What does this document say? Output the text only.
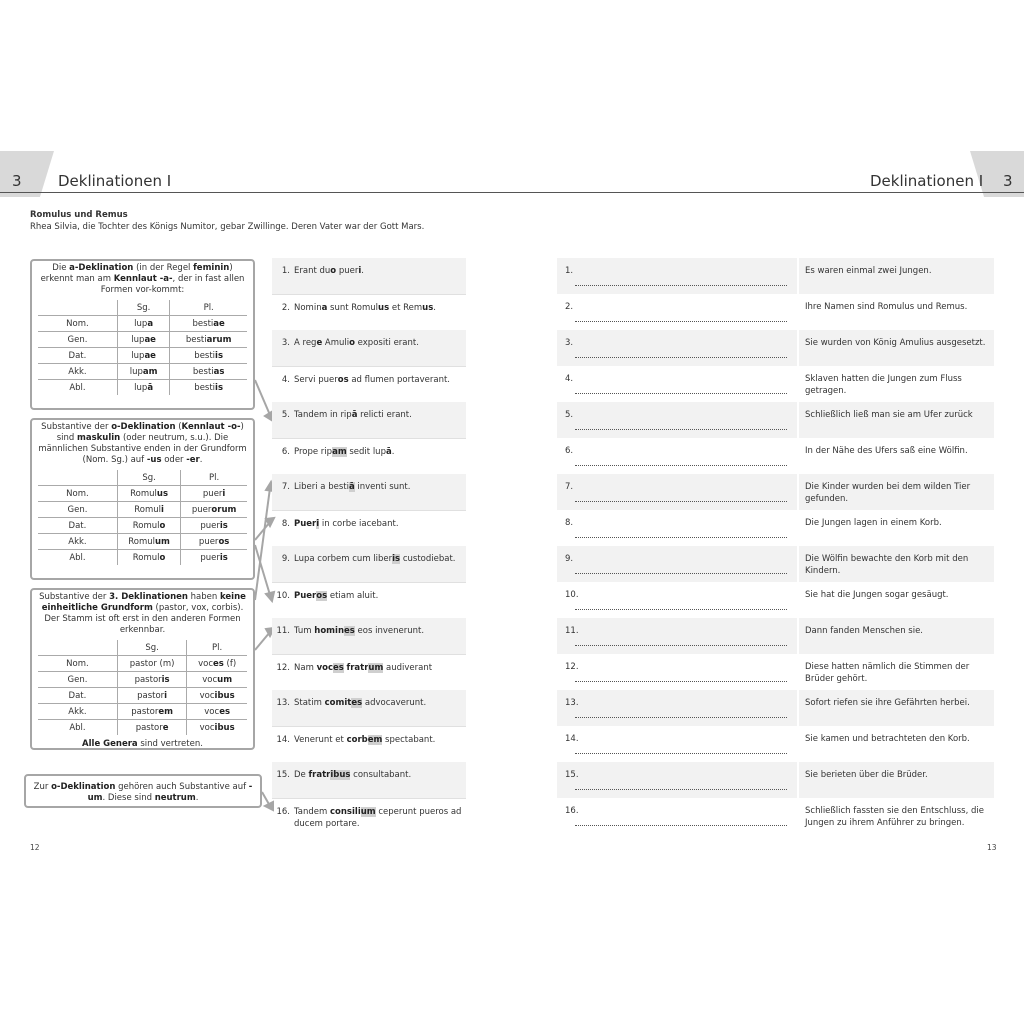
3	3
Deklinationen I	Deklinationen I
Romulus und Remus
Rhea Silvia, die Tochter des Königs Numitor, gebar Zwillinge. Deren Vater war der Gott Mars.

Die a-Deklination (in der Regel feminin) erkennt man am Kennlaut -a-, der in fast allen Formen vor-kommt:

	Sg.	Pl.
Nom.	lupa	bestiae
Gen.	lupae	bestiarum
Dat.	lupae	bestiis
Akk.	lupam	bestias
Abl.	lupā	bestiis

Substantive der o-Deklination (Kennlaut -o-) sind maskulin (oder neutrum, s.u.). Die männlichen Substantive enden in der Grundform (Nom. Sg.) auf -us oder -er.

	Sg.	Pl.
Nom.	Romulus	pueri
Gen.	Romuli	puerorum
Dat.	Romulo	pueris
Akk.	Romulum	pueros
Abl.	Romulo	pueris

Substantive der 3. Deklinationen haben keine einheitliche Grundform (pastor, vox, corbis). Der Stamm ist oft erst in den anderen Formen erkennbar.

	Sg.	Pl.
Nom.	pastor (m)	voces (f)
Gen.	pastoris	vocum
Dat.	pastori	vocibus
Akk.	pastorem	voces
Abl.	pastore	vocibus
Alle Genera sind vertreten.

Zur o-Deklination gehören auch Substantive auf -um. Diese sind neutrum.

1. Erant duo pueri.
2. Nomina sunt Romulus et Remus.
3. A rege Amulio expositi erant.
4. Servi pueros ad flumen portaverant.
5. Tandem in ripā relicti erant.
6. Prope ripam sedit lupā.
7. Liberi a bestiā inventi sunt.
8. Pueri in corbe iacebant.
9. Lupa corbem cum liberis custodiebat.
10. Pueros etiam aluit.
11. Tum homines eos invenerunt.
12. Nam voces fratrum audiverant
13. Statim comites advocaverunt.
14. Venerunt et corbem spectabant.
15. De fratribus consultabant.
16. Tandem consilium ceperunt pueros ad ducem portare.
1.	Es waren einmal zwei Jungen.
2.	Ihre Namen sind Romulus und Remus.
3.	Sie wurden von König Amulius ausgesetzt.
4.	Sklaven hatten die Jungen zum Fluss getragen.
5.	Schließlich ließ man sie am Ufer zurück
6.	In der Nähe des Ufers saß eine Wölfin.
7.	Die Kinder wurden bei dem wilden Tier gefunden.
8.	Die Jungen lagen in einem Korb.
9.	Die Wölfin bewachte den Korb mit den Kindern.
10.	Sie hat die Jungen sogar gesäugt.
11.	Dann fanden Menschen sie.
12.	Diese hatten nämlich die Stimmen der Brüder gehört.
13.	Sofort riefen sie ihre Gefährten herbei.
14.	Sie kamen und betrachteten den Korb.
15.	Sie berieten über die Brüder.
16.	Schließlich fassten sie den Entschluss, die Jungen zu ihrem Anführer zu bringen.
12	13
